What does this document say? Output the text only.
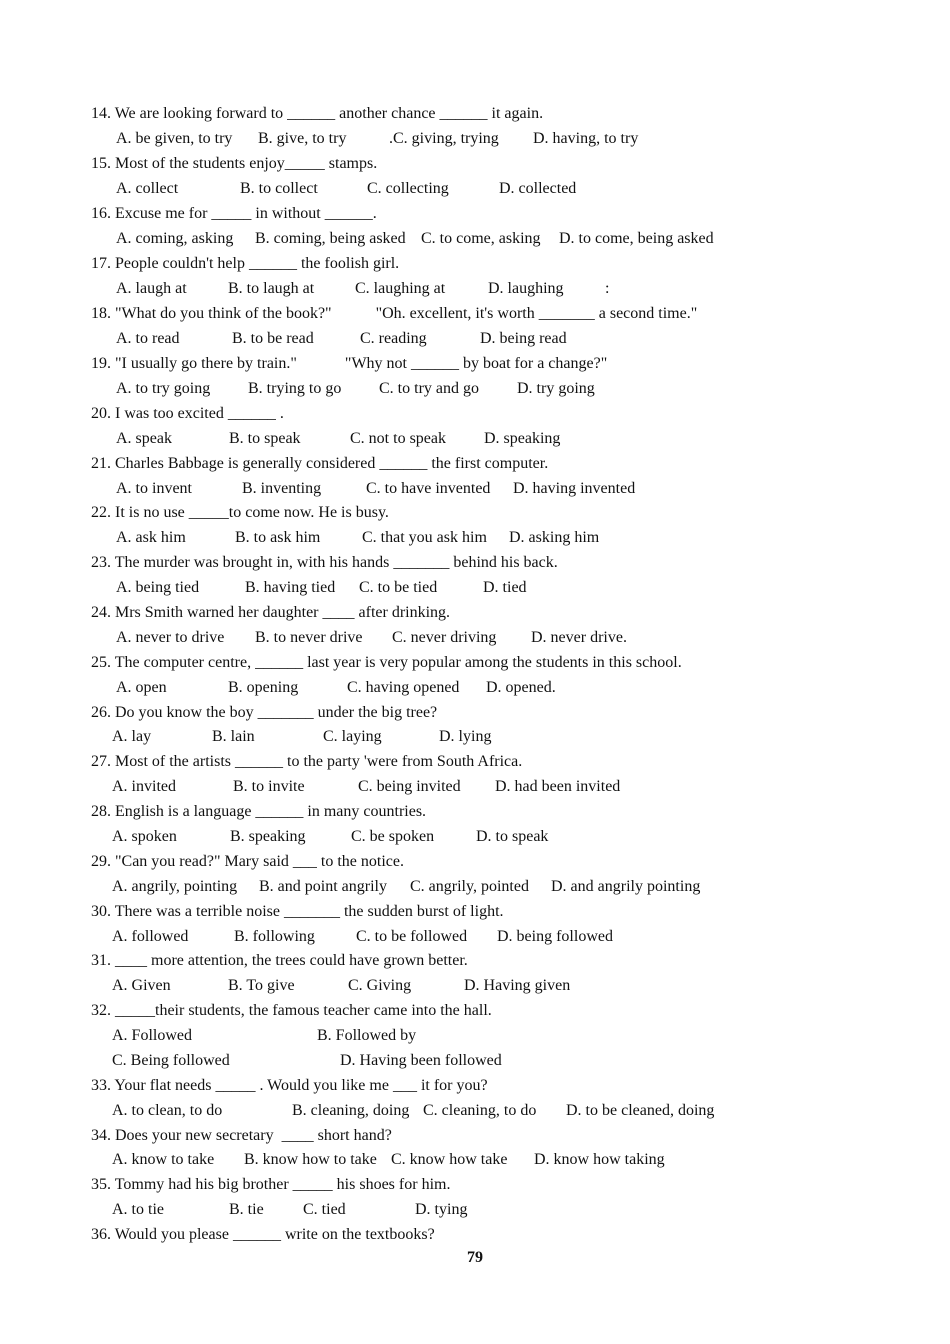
14. We are looking forward to ______ another chance ______ it again.

A. be given, to try

B. give, to try

	.C. giving, trying

D. having, to try

15. Most of the students enjoy_____ stamps.

A. collect

	B. to collect

	C. collecting

	D. collected

16. Excuse me for _____ in without ______.

A. coming, asking

B. coming, being asked

C. to come, asking

D. to come, being asked

17. People couldn't help ______ the foolish girl.

A. laugh at

	B. to laugh at

	C. laughing at

	D. laughing

	:

18. "What do you think of the book?"           "Oh. excellent, it's worth _______ a second time."

A. to read

	B. to be read

	C. reading

	D. being read

19. "I usually go there by train."            "Why not ______ by boat for a change?"

A. to try going

B. trying to go

C. to try and go

D. try going

20. I was too excited ______ .

A. speak

	B. to speak

	C. not to speak

D. speaking

21. Charles Babbage is generally considered ______ the first computer.

A. to invent

	B. inventing

	C. to have invented

D. having invented

22. It is no use _____to come now. He is busy.

A. ask him

	B. to ask him

	C. that you ask him

D. asking him

23. The murder was brought in, with his hands _______ behind his back.

A. being tied

	B. having tied

C. to be tied

	D. tied

24. Mrs Smith warned her daughter ____ after drinking.

A. never to drive

B. to never drive

C. never driving

D. never drive.

25. The computer centre, ______ last year is very popular among the students in this school.

A. open

	B. opening

	C. having opened

D. opened.

26. Do you know the boy _______ under the big tree?

A. lay

	B. lain

	C. laying

	D. lying

27. Most of the artists ______ to the party 'were from South Africa.

A. invited

	B. to invite

	C. being invited

D. had been invited

28. English is a language ______ in many countries.

A. spoken

	B. speaking

	C. be spoken

	D. to speak

29. "Can you read?" Mary said ___ to the notice.

A. angrily, pointing

B. and point angrily

C. angrily, pointed

D. and angrily pointing

30. There was a terrible noise _______ the sudden burst of light.

A. followed

	B. following

	C. to be followed

D. being followed

31. ____ more attention, the trees could have grown better.

A. Given

	B. To give

	C. Giving

	D. Having given

32. _____their students, the famous teacher came into the hall.

A. Followed

	B. Followed by

C. Being followed

	D. Having been followed

33. Your flat needs _____ . Would you like me ___ it for you?

A. to clean, to do

	B. cleaning, doing

C. cleaning, to do

D. to be cleaned, doing

34. Does your new secretary  ____ short hand?

A. know to take

B. know how to take

C. know how take

D. know how taking

35. Tommy had his big brother _____ his shoes for him.

A. to tie

	B. tie

C. tied

	D. tying

36. Would you please ______ write on the textbooks?
79
